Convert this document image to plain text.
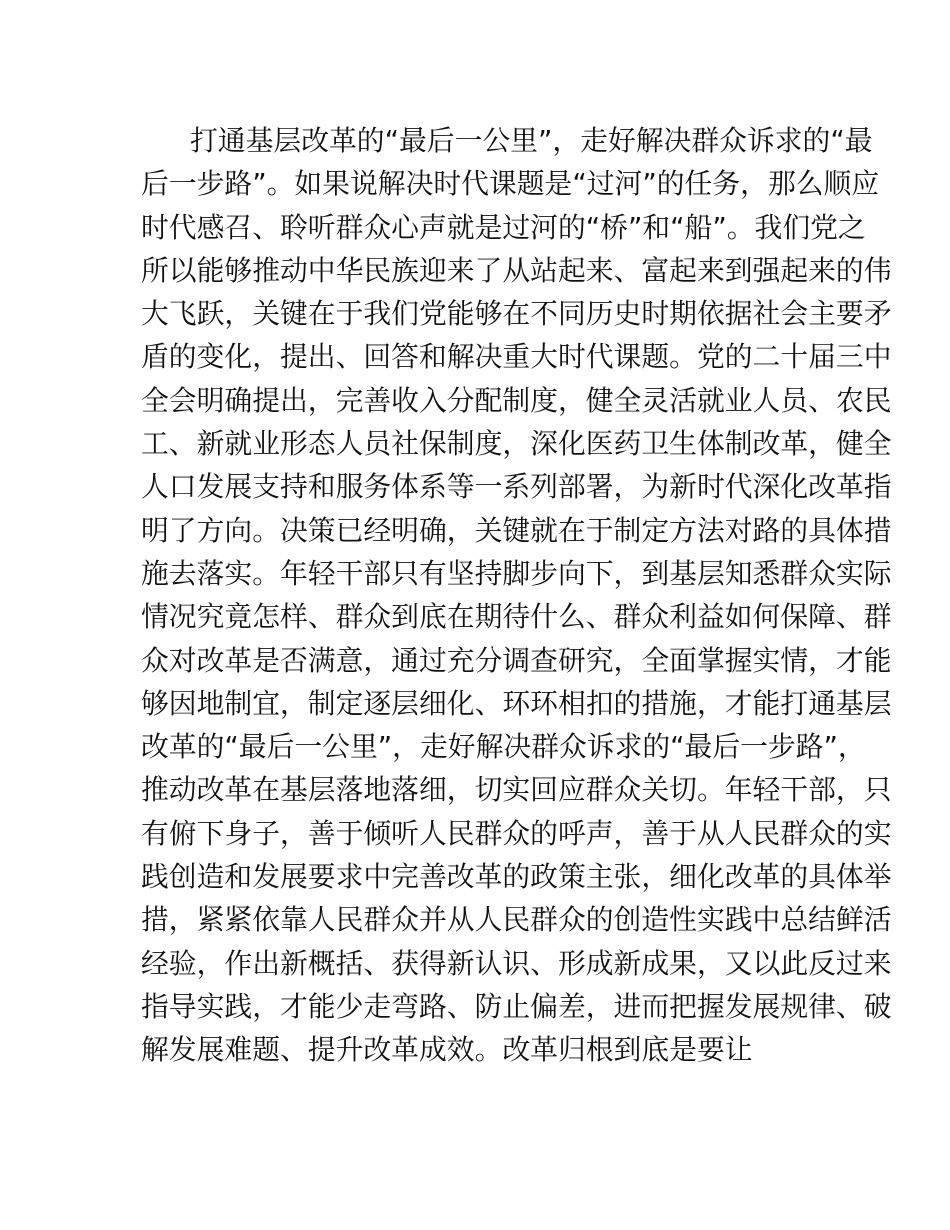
打通基层改革的“最后一公里”，走好解决群众诉求的“最
后一步路”。如果说解决时代课题是“过河”的任务，那么顺应
时代感召、聆听群众心声就是过河的“桥”和“船”。我们党之
所以能够推动中华民族迎来了从站起来、富起来到强起来的伟
大飞跃，关键在于我们党能够在不同历史时期依据社会主要矛
盾的变化，提出、回答和解决重大时代课题。党的二十届三中
全会明确提出，完善收入分配制度，健全灵活就业人员、农民
工、新就业形态人员社保制度，深化医药卫生体制改革，健全
人口发展支持和服务体系等一系列部署，为新时代深化改革指
明了方向。决策已经明确，关键就在于制定方法对路的具体措
施去落实。年轻干部只有坚持脚步向下，到基层知悉群众实际
情况究竟怎样、群众到底在期待什么、群众利益如何保障、群
众对改革是否满意，通过充分调查研究，全面掌握实情，才能
够因地制宜，制定逐层细化、环环相扣的措施，才能打通基层
改革的“最后一公里”，走好解决群众诉求的“最后一步路”，
推动改革在基层落地落细，切实回应群众关切。年轻干部，只
有俯下身子，善于倾听人民群众的呼声，善于从人民群众的实
践创造和发展要求中完善改革的政策主张，细化改革的具体举
措，紧紧依靠人民群众并从人民群众的创造性实践中总结鲜活
经验，作出新概括、获得新认识、形成新成果，又以此反过来
指导实践，才能少走弯路、防止偏差，进而把握发展规律、破
解发展难题、提升改革成效。改革归根到底是要让
